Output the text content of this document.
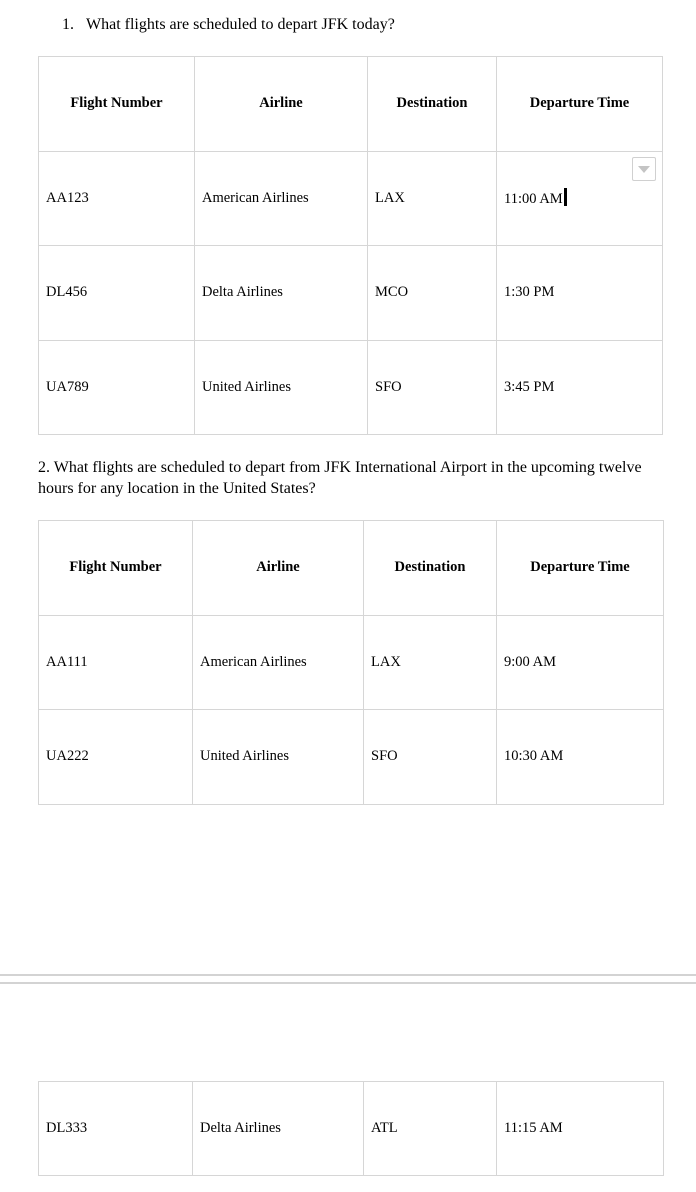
1. What flights are scheduled to depart JFK today?
Flight Number	Airline	Destination	Departure Time
AA123	American Airlines	LAX	11:00 AM
DL456	Delta Airlines	MCO	1:30 PM
UA789	United Airlines	SFO	3:45 PM
2. What flights are scheduled to depart from JFK International Airport in the upcoming twelve hours for any location in the United States?
Flight Number	Airline	Destination	Departure Time
AA111	American Airlines	LAX	9:00 AM
UA222	United Airlines	SFO	10:30 AM
DL333	Delta Airlines	ATL	11:15 AM
